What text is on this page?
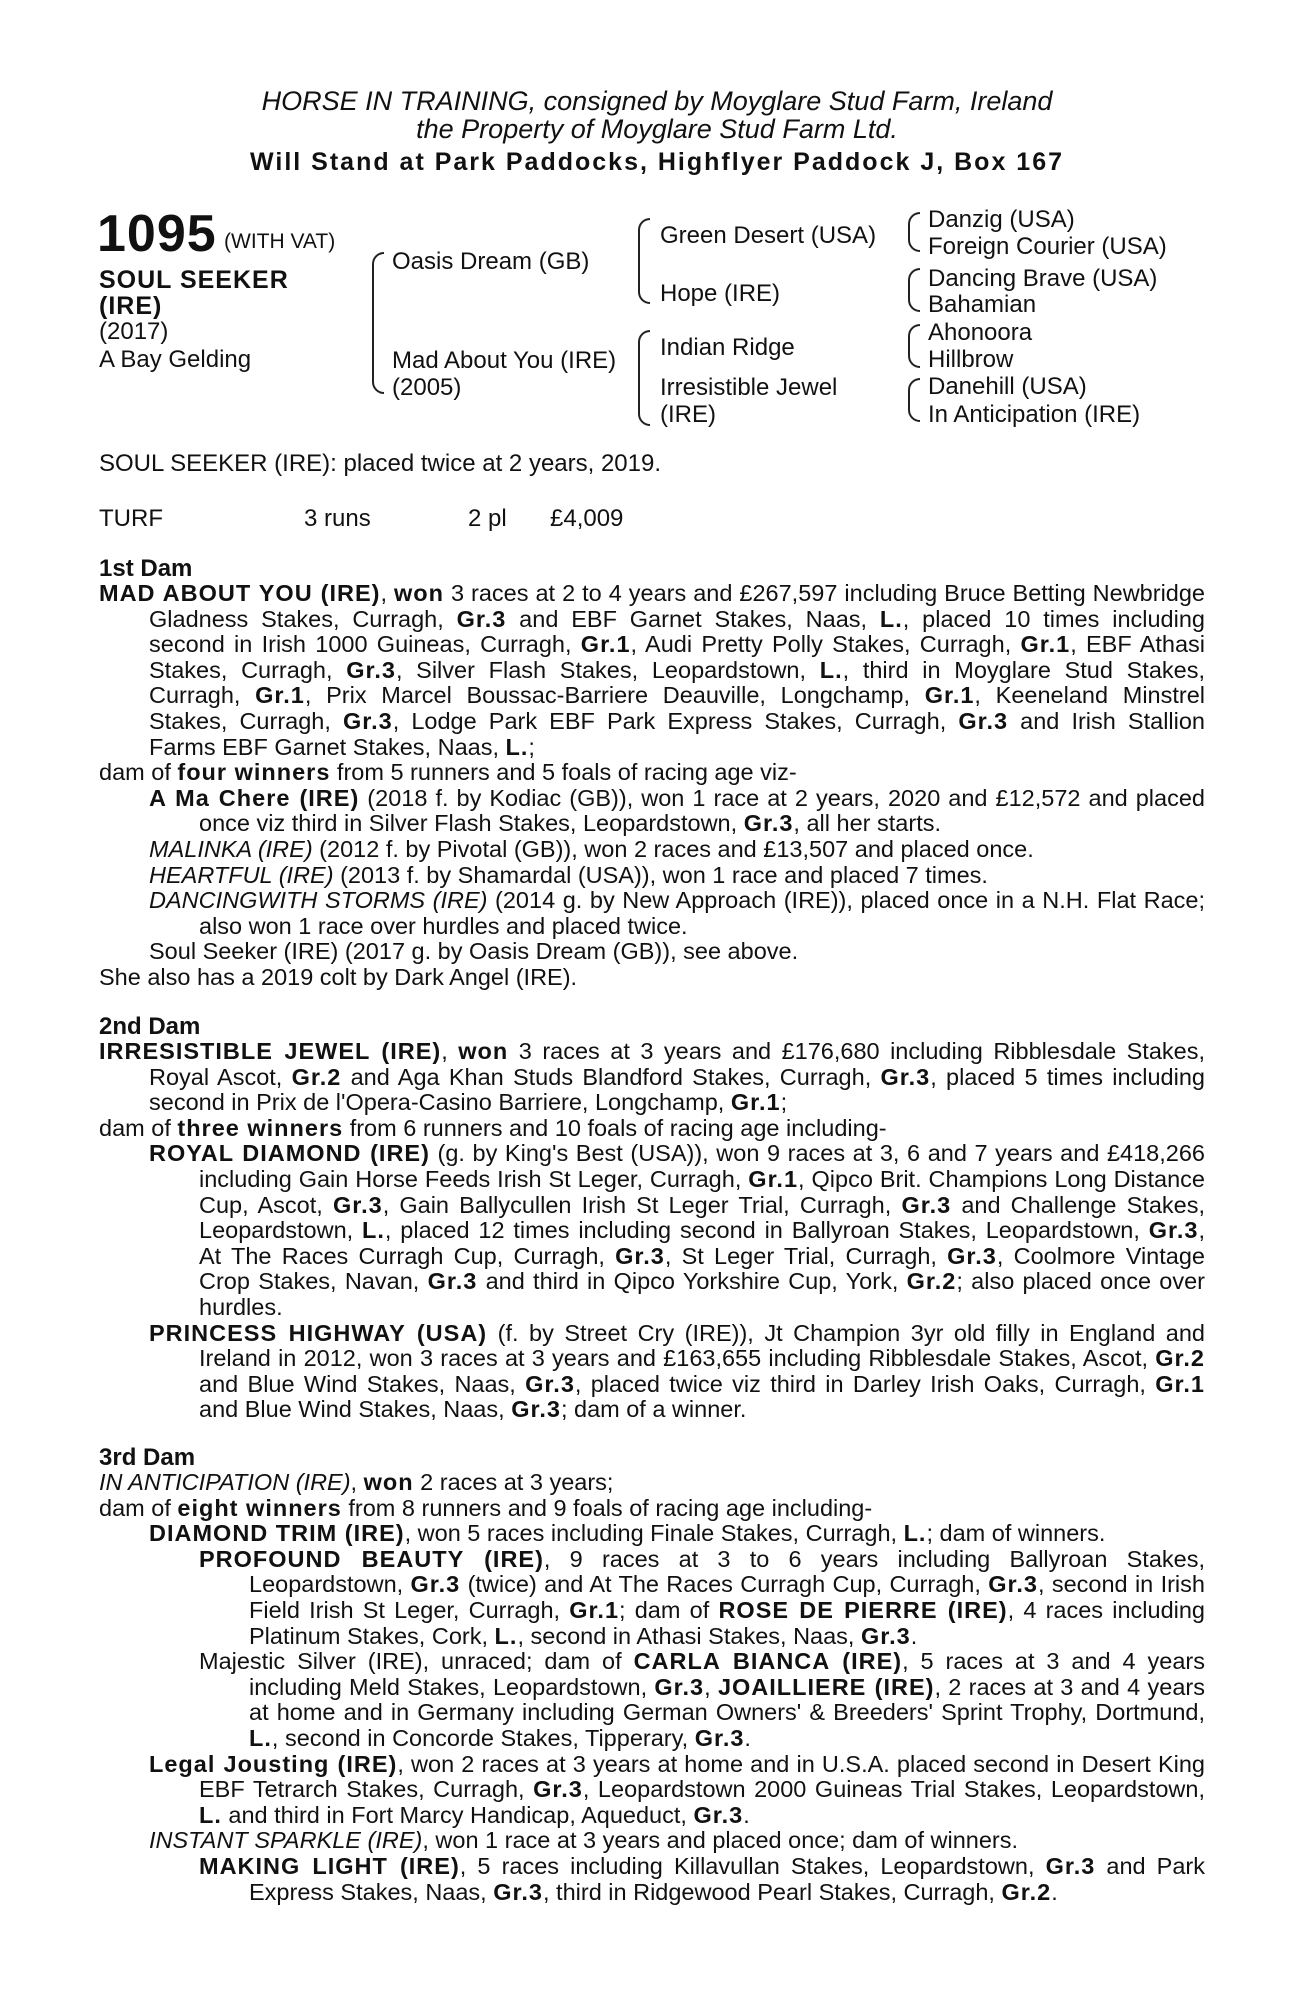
HORSE IN TRAINING, consigned by Moyglare Stud Farm, Ireland
the Property of Moyglare Stud Farm Ltd.
Will Stand at Park Paddocks, Highflyer Paddock J, Box 167
1095 (WITH VAT)
SOUL SEEKER
(IRE)
(2017)
A Bay Gelding
Oasis Dream (GB)
Mad About You (IRE)
(2005)
Green Desert (USA)
Hope (IRE)
Indian Ridge
Irresistible Jewel
(IRE)
Danzig (USA)
Foreign Courier (USA)
Dancing Brave (USA)
Bahamian
Ahonoora
Hillbrow
Danehill (USA)
In Anticipation (IRE)
SOUL SEEKER (IRE): placed twice at 2 years, 2019.
TURF	3 runs	2 pl £4,009
1st Dam

MAD ABOUT YOU (IRE), won 3 races at 2 to 4 years and £267,597 including Bruce Betting Newbridge Gladness Stakes, Curragh, Gr.3 and EBF Garnet Stakes, Naas, L., placed 10 times including second in Irish 1000 Guineas, Curragh, Gr.1, Audi Pretty Polly Stakes, Curragh, Gr.1, EBF Athasi Stakes, Curragh, Gr.3, Silver Flash Stakes, Leopardstown, L., third in Moyglare Stud Stakes, Curragh, Gr.1, Prix Marcel Boussac-Barriere Deauville, Longchamp, Gr.1, Keeneland Minstrel Stakes, Curragh, Gr.3, Lodge Park EBF Park Express Stakes, Curragh, Gr.3 and Irish Stallion Farms EBF Garnet Stakes, Naas, L.;

dam of four winners from 5 runners and 5 foals of racing age viz-

A Ma Chere (IRE) (2018 f. by Kodiac (GB)), won 1 race at 2 years, 2020 and £12,572 and placed once viz third in Silver Flash Stakes, Leopardstown, Gr.3, all her starts.

MALINKA (IRE) (2012 f. by Pivotal (GB)), won 2 races and £13,507 and placed once.

HEARTFUL (IRE) (2013 f. by Shamardal (USA)), won 1 race and placed 7 times.

DANCINGWITH STORMS (IRE) (2014 g. by New Approach (IRE)), placed once in a N.H. Flat Race; also won 1 race over hurdles and placed twice.

Soul Seeker (IRE) (2017 g. by Oasis Dream (GB)), see above.

She also has a 2019 colt by Dark Angel (IRE).

2nd Dam

IRRESISTIBLE JEWEL (IRE), won 3 races at 3 years and £176,680 including Ribblesdale Stakes, Royal Ascot, Gr.2 and Aga Khan Studs Blandford Stakes, Curragh, Gr.3, placed 5 times including second in Prix de l'Opera-Casino Barriere, Longchamp, Gr.1;

dam of three winners from 6 runners and 10 foals of racing age including-

ROYAL DIAMOND (IRE) (g. by King's Best (USA)), won 9 races at 3, 6 and 7 years and £418,266 including Gain Horse Feeds Irish St Leger, Curragh, Gr.1, Qipco Brit. Champions Long Distance Cup, Ascot, Gr.3, Gain Ballycullen Irish St Leger Trial, Curragh, Gr.3 and Challenge Stakes, Leopardstown, L., placed 12 times including second in Ballyroan Stakes, Leopardstown, Gr.3, At The Races Curragh Cup, Curragh, Gr.3, St Leger Trial, Curragh, Gr.3, Coolmore Vintage Crop Stakes, Navan, Gr.3 and third in Qipco Yorkshire Cup, York, Gr.2; also placed once over hurdles.

PRINCESS HIGHWAY (USA) (f. by Street Cry (IRE)), Jt Champion 3yr old filly in England and Ireland in 2012, won 3 races at 3 years and £163,655 including Ribblesdale Stakes, Ascot, Gr.2 and Blue Wind Stakes, Naas, Gr.3, placed twice viz third in Darley Irish Oaks, Curragh, Gr.1 and Blue Wind Stakes, Naas, Gr.3; dam of a winner.

3rd Dam

IN ANTICIPATION (IRE), won 2 races at 3 years;

dam of eight winners from 8 runners and 9 foals of racing age including-

DIAMOND TRIM (IRE), won 5 races including Finale Stakes, Curragh, L.; dam of winners.

PROFOUND BEAUTY (IRE), 9 races at 3 to 6 years including Ballyroan Stakes, Leopardstown, Gr.3 (twice) and At The Races Curragh Cup, Curragh, Gr.3, second in Irish Field Irish St Leger, Curragh, Gr.1; dam of ROSE DE PIERRE (IRE), 4 races including Platinum Stakes, Cork, L., second in Athasi Stakes, Naas, Gr.3.

Majestic Silver (IRE), unraced; dam of CARLA BIANCA (IRE), 5 races at 3 and 4 years including Meld Stakes, Leopardstown, Gr.3, JOAILLIERE (IRE), 2 races at 3 and 4 years at home and in Germany including German Owners' & Breeders' Sprint Trophy, Dortmund, L., second in Concorde Stakes, Tipperary, Gr.3.

Legal Jousting (IRE), won 2 races at 3 years at home and in U.S.A. placed second in Desert King EBF Tetrarch Stakes, Curragh, Gr.3, Leopardstown 2000 Guineas Trial Stakes, Leopardstown, L. and third in Fort Marcy Handicap, Aqueduct, Gr.3.

INSTANT SPARKLE (IRE), won 1 race at 3 years and placed once; dam of winners.

MAKING LIGHT (IRE), 5 races including Killavullan Stakes, Leopardstown, Gr.3 and Park Express Stakes, Naas, Gr.3, third in Ridgewood Pearl Stakes, Curragh, Gr.2.
